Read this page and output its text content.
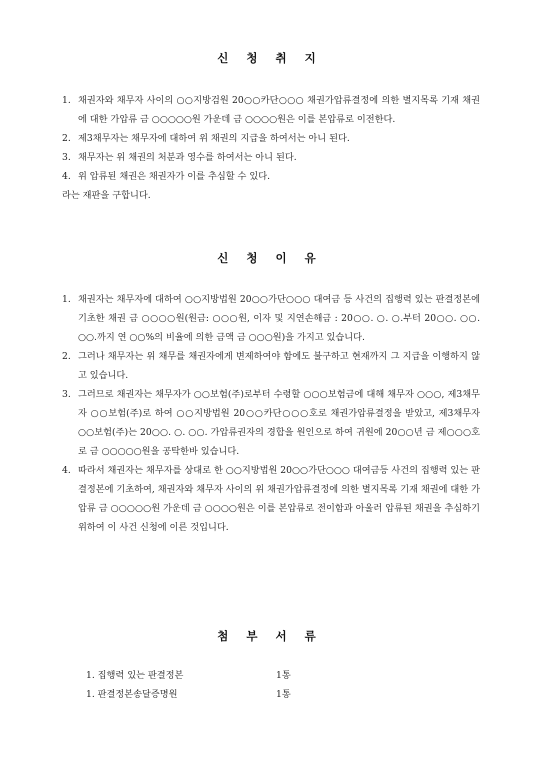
신 청 취 지
1. 채권자와 채무자 사이의 ○○지방검원 20○○카단○○○ 채권가압류결정에 의한 별지목록 기재 채권에 대한 가압류 금 ○○○○○원 가운데 금 ○○○○원은 이를 본압류로 이전한다.
2. 제3채무자는 채무자에 대하여 위 채권의 지급을 하여서는 아니 된다.
3. 채무자는 위 채권의 처분과 영수를 하여서는 아니 된다.
4. 위 압류된 채권은 채권자가 이를 추심할 수 있다.
라는 재판을 구합니다.
신 청 이 유
1. 채권자는 채무자에 대하여 ○○지방법원 20○○가단○○○ 대여금 등 사건의 집행력 있는 판결정본에 기초한 채권 금 ○○○○원(원금: ○○○원, 이자 및 지연손해금 : 20○○. ○. ○.부터 20○○. ○○. ○○.까지 연 ○○%의 비율에 의한 금액 금 ○○○원)을 가지고 있습니다.
2. 그러나 채무자는 위 채무를 채권자에게 변제하여야 함에도 불구하고 현재까지 그 지급을 이행하지 않고 있습니다.
3. 그러므로 채권자는 채무자가 ○○보험(주)로부터 수령할 ○○○보험금에 대해 채무자 ○○○, 제3채무자 ○○보험(주)로 하여 ○○지방법원 20○○카단○○○호로 채권가압류결정을 받았고, 제3채무자 ○○보험(주)는 20○○. ○. ○○. 가압류권자의 경합을 원인으로 하여 귀원에 20○○년 금 제○○○호로 금 ○○○○○원을 공탁한바 있습니다.
4. 따라서 채권자는 채무자를 상대로 한 ○○지방법원 20○○가단○○○ 대여금등 사건의 집행력 있는 판결정본에 기초하여, 채권자와 채무자 사이의 위 채권가압류결정에 의한 별지목록 기재 채권에 대한 가압류 금 ○○○○○원 가운데 금 ○○○○원은 이를 본압류로 전이함과 아울러 압류된 채권을 추심하기 위하여 이 사건 신청에 이른 것입니다.
첨 부 서 류
1. 집행력 있는 판결정본	1통
1. 판결정본송달증명원	1통
